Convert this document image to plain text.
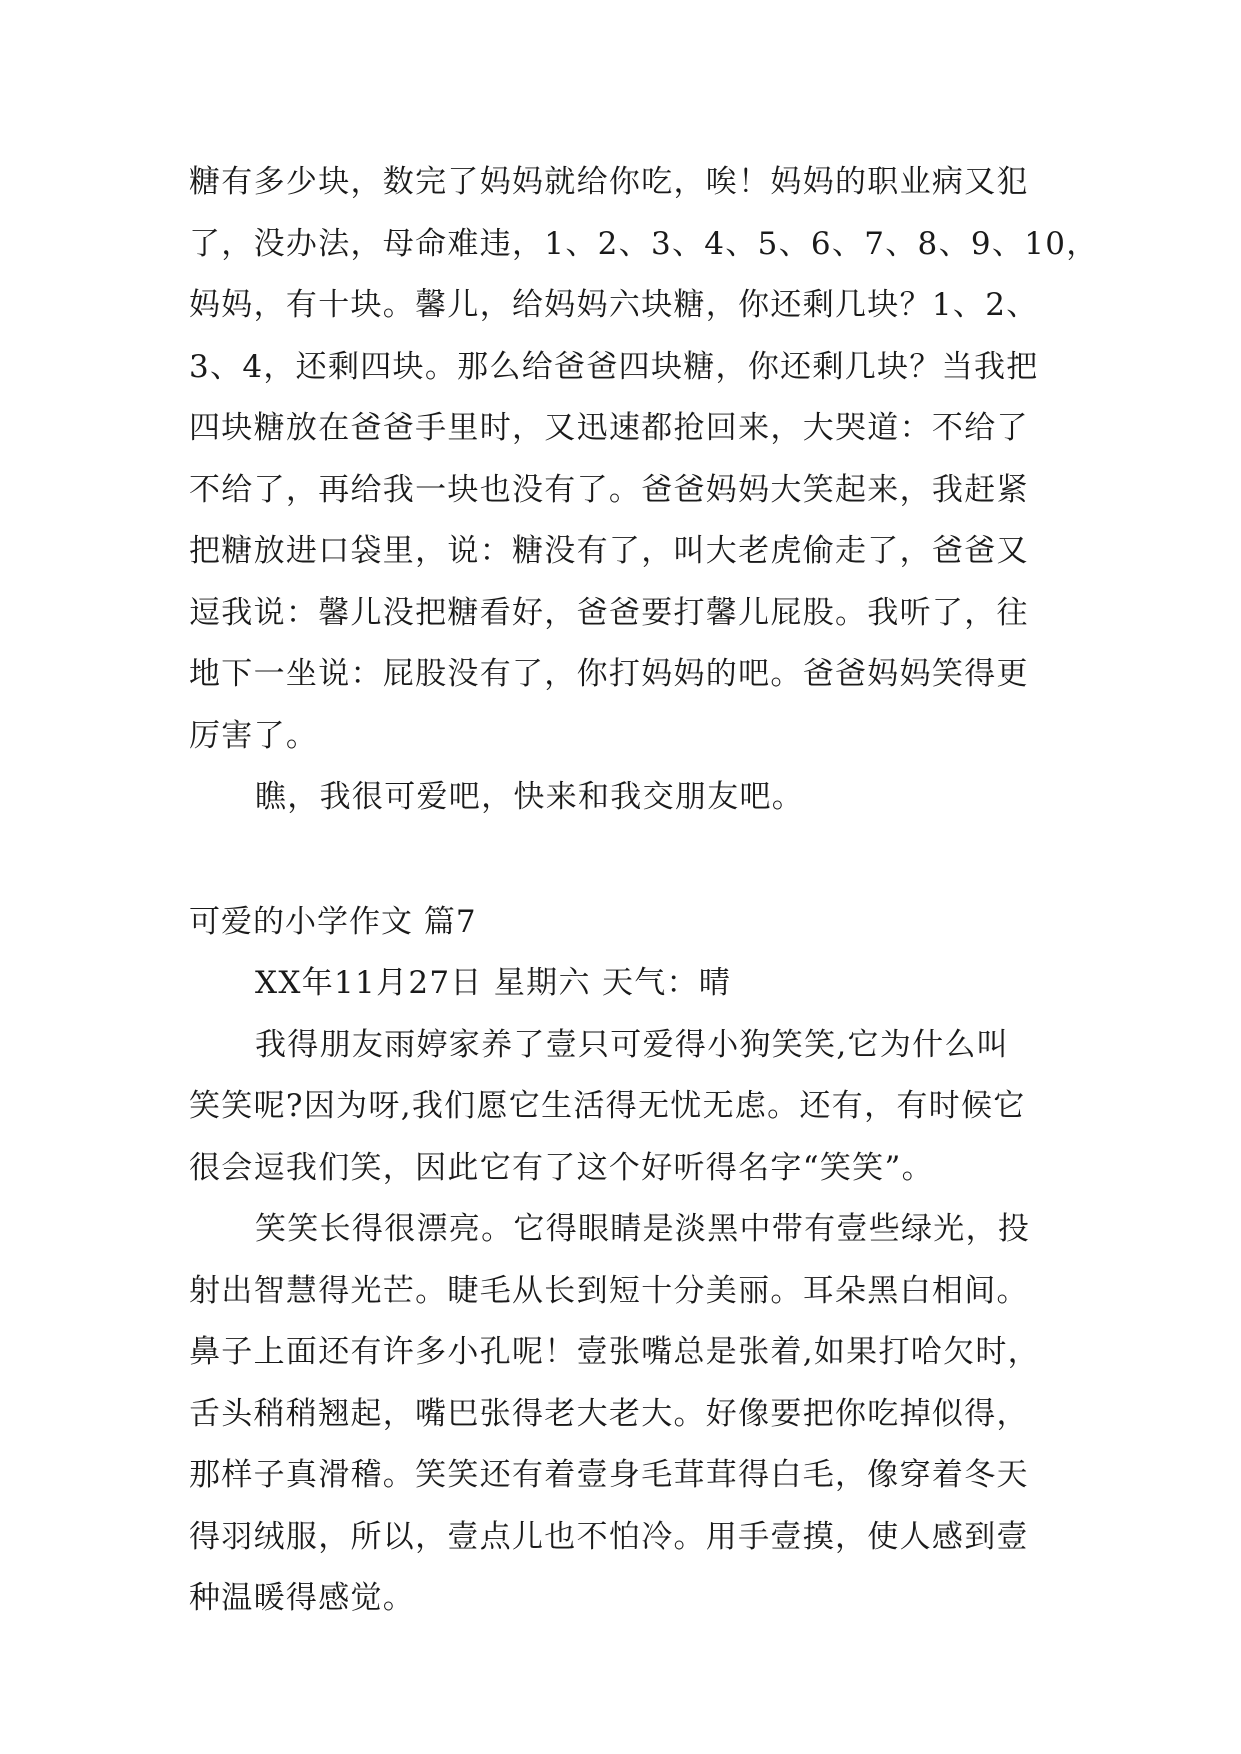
糖有多少块，数完了妈妈就给你吃，唉！妈妈的职业病又犯
了，没办法，母命难违，1、2、3、4、5、6、7、8、9、10，
妈妈，有十块。馨儿，给妈妈六块糖，你还剩几块？1、2、
3、4，还剩四块。那么给爸爸四块糖，你还剩几块？当我把
四块糖放在爸爸手里时，又迅速都抢回来，大哭道：不给了
不给了，再给我一块也没有了。爸爸妈妈大笑起来，我赶紧
把糖放进口袋里，说：糖没有了，叫大老虎偷走了，爸爸又
逗我说：馨儿没把糖看好，爸爸要打馨儿屁股。我听了，往
地下一坐说：屁股没有了，你打妈妈的吧。爸爸妈妈笑得更
厉害了。
瞧，我很可爱吧，快来和我交朋友吧。
可爱的小学作文 篇7
XX年11月27日 星期六 天气：晴
我得朋友雨婷家养了壹只可爱得小狗笑笑,它为什么叫
笑笑呢?因为呀,我们愿它生活得无忧无虑。还有，有时候它
很会逗我们笑，因此它有了这个好听得名字“笑笑”。
笑笑长得很漂亮。它得眼睛是淡黑中带有壹些绿光，投
射出智慧得光芒。睫毛从长到短十分美丽。耳朵黑白相间。
鼻子上面还有许多小孔呢！壹张嘴总是张着,如果打哈欠时，
舌头稍稍翘起，嘴巴张得老大老大。好像要把你吃掉似得，
那样子真滑稽。笑笑还有着壹身毛茸茸得白毛，像穿着冬天
得羽绒服，所以，壹点儿也不怕冷。用手壹摸，使人感到壹
种温暖得感觉。
